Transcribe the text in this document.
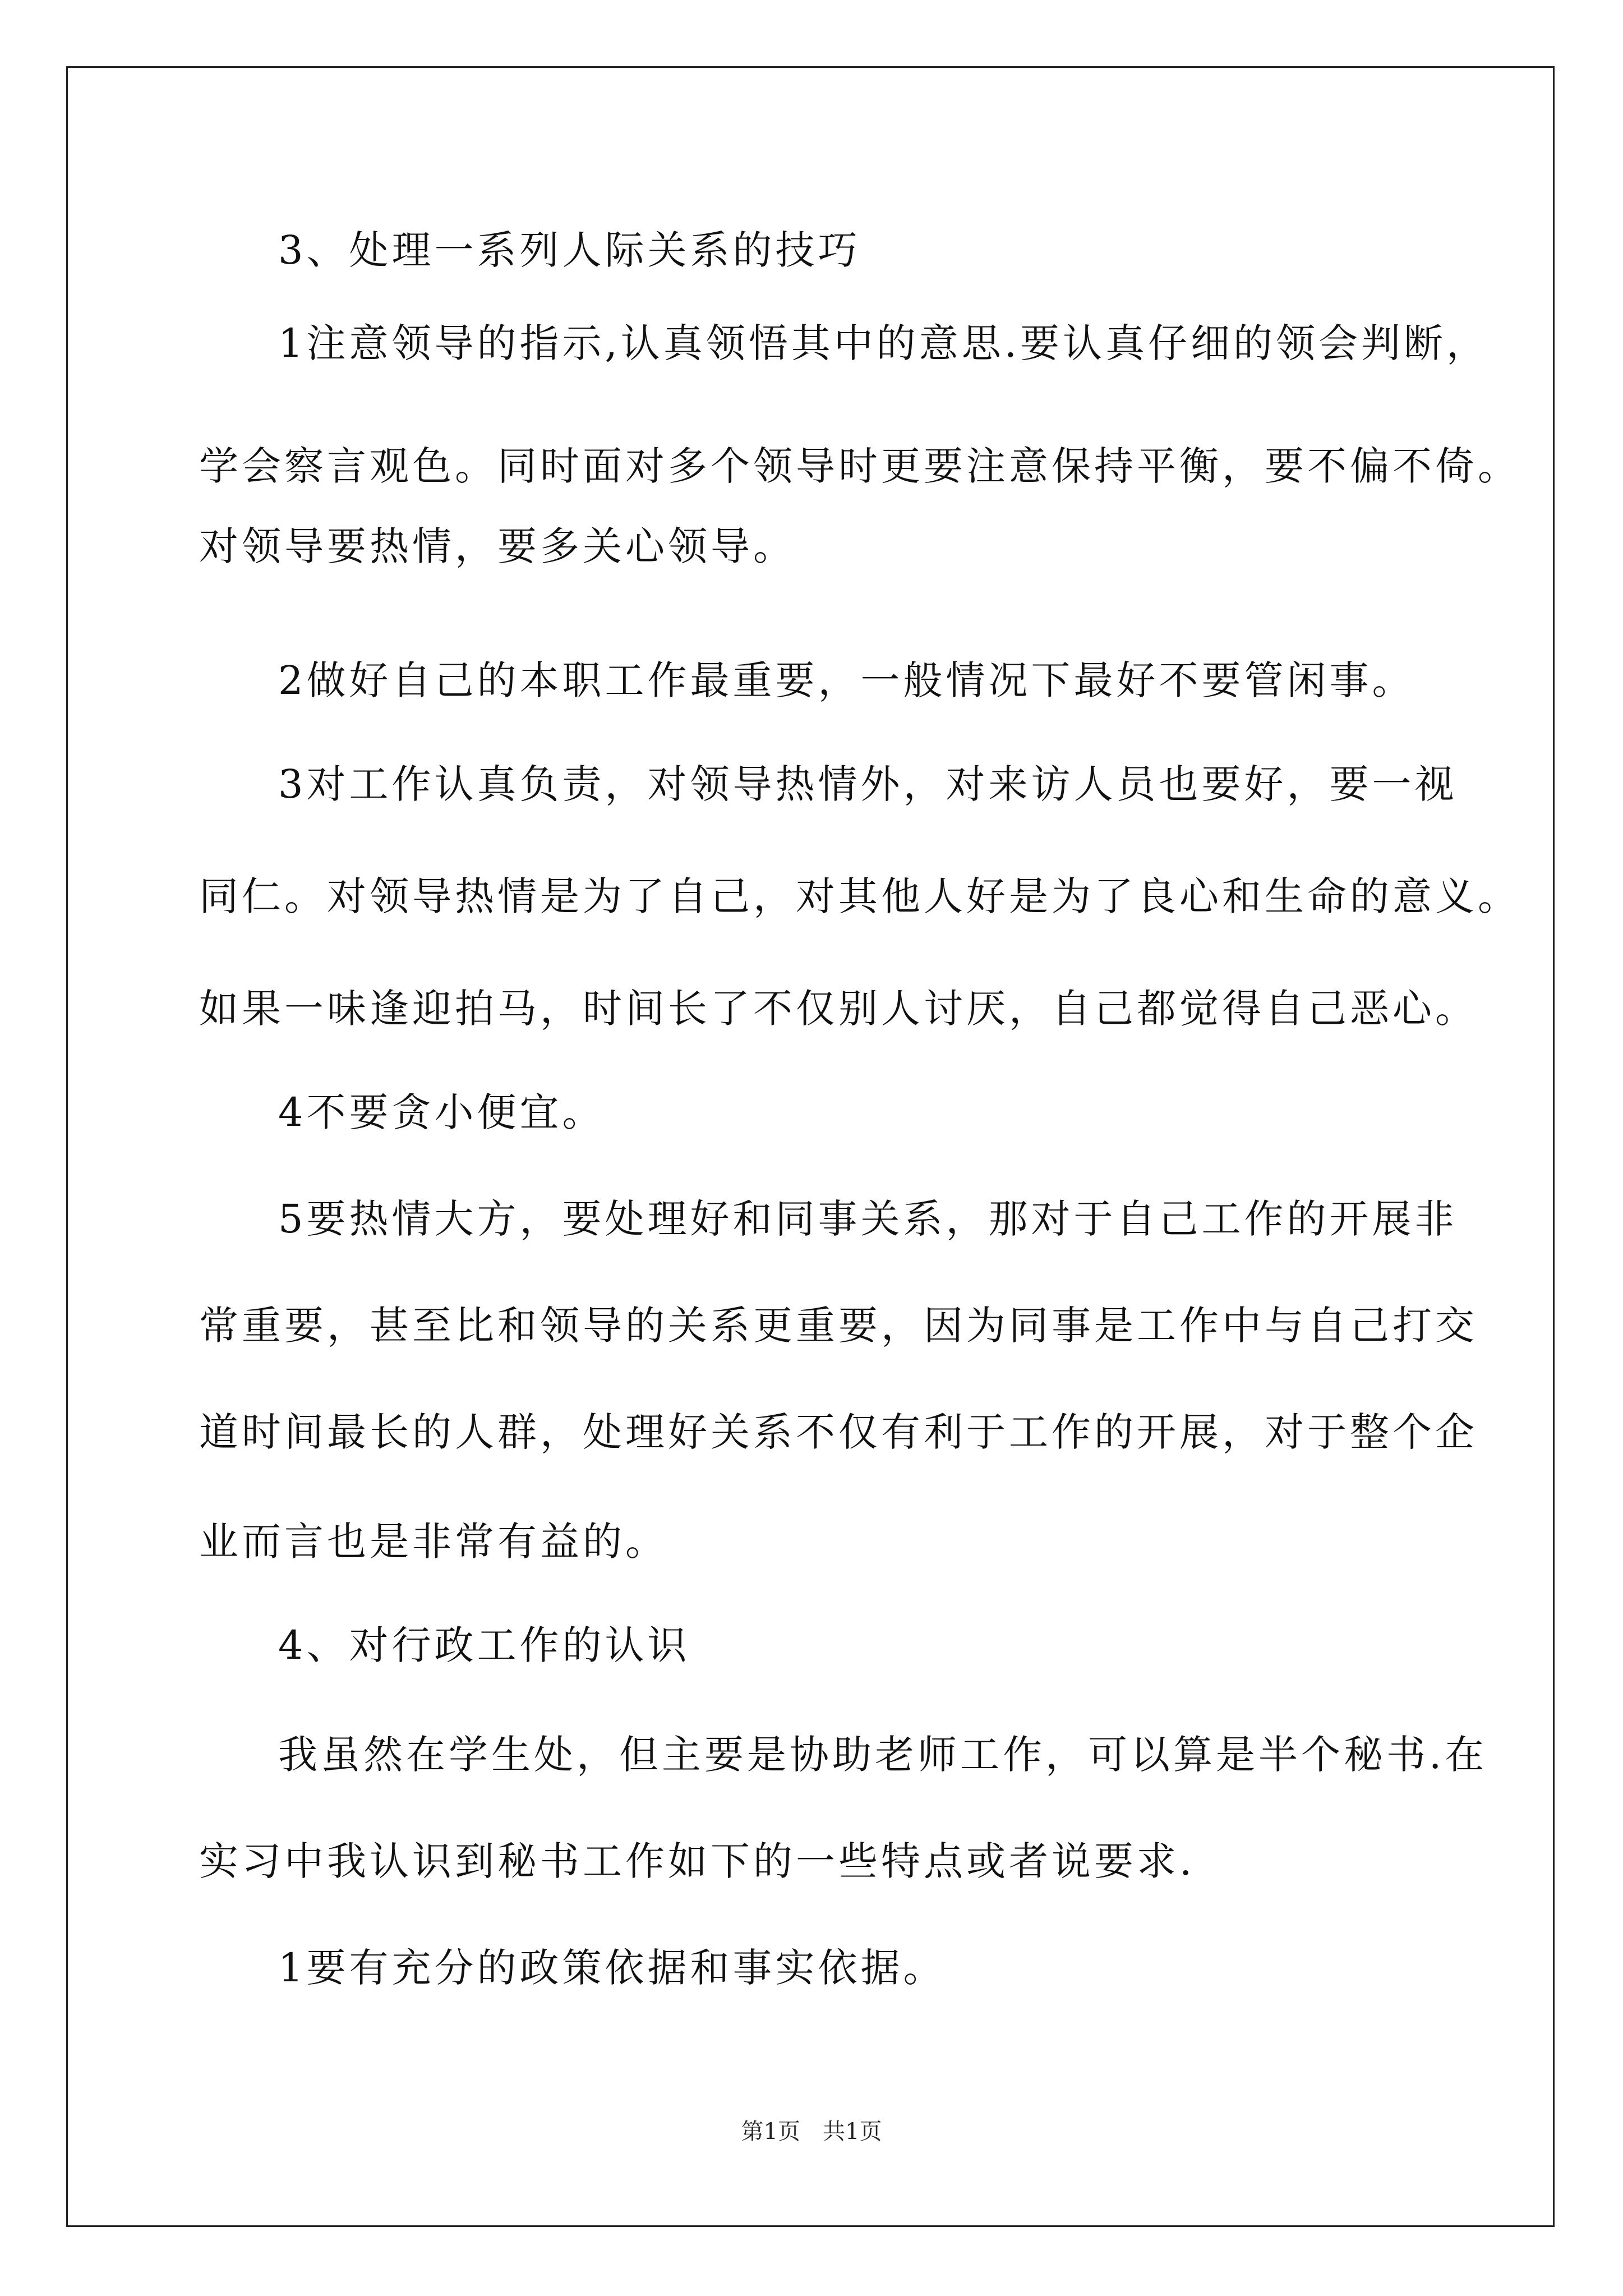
3、处理一系列人际关系的技巧
1注意领导的指示,认真领悟其中的意思.要认真仔细的领会判断，
学会察言观色。同时面对多个领导时更要注意保持平衡，要不偏不倚。
对领导要热情，要多关心领导。
2做好自己的本职工作最重要，一般情况下最好不要管闲事。
3对工作认真负责，对领导热情外，对来访人员也要好，要一视
同仁。对领导热情是为了自己，对其他人好是为了良心和生命的意义。
如果一味逢迎拍马，时间长了不仅别人讨厌，自己都觉得自己恶心。
4不要贪小便宜。
5要热情大方，要处理好和同事关系，那对于自己工作的开展非
常重要，甚至比和领导的关系更重要，因为同事是工作中与自己打交
道时间最长的人群，处理好关系不仅有利于工作的开展，对于整个企
业而言也是非常有益的。
4、对行政工作的认识
我虽然在学生处，但主要是协助老师工作，可以算是半个秘书.在
实习中我认识到秘书工作如下的一些特点或者说要求.
1要有充分的政策依据和事实依据。
第1页　共1页
